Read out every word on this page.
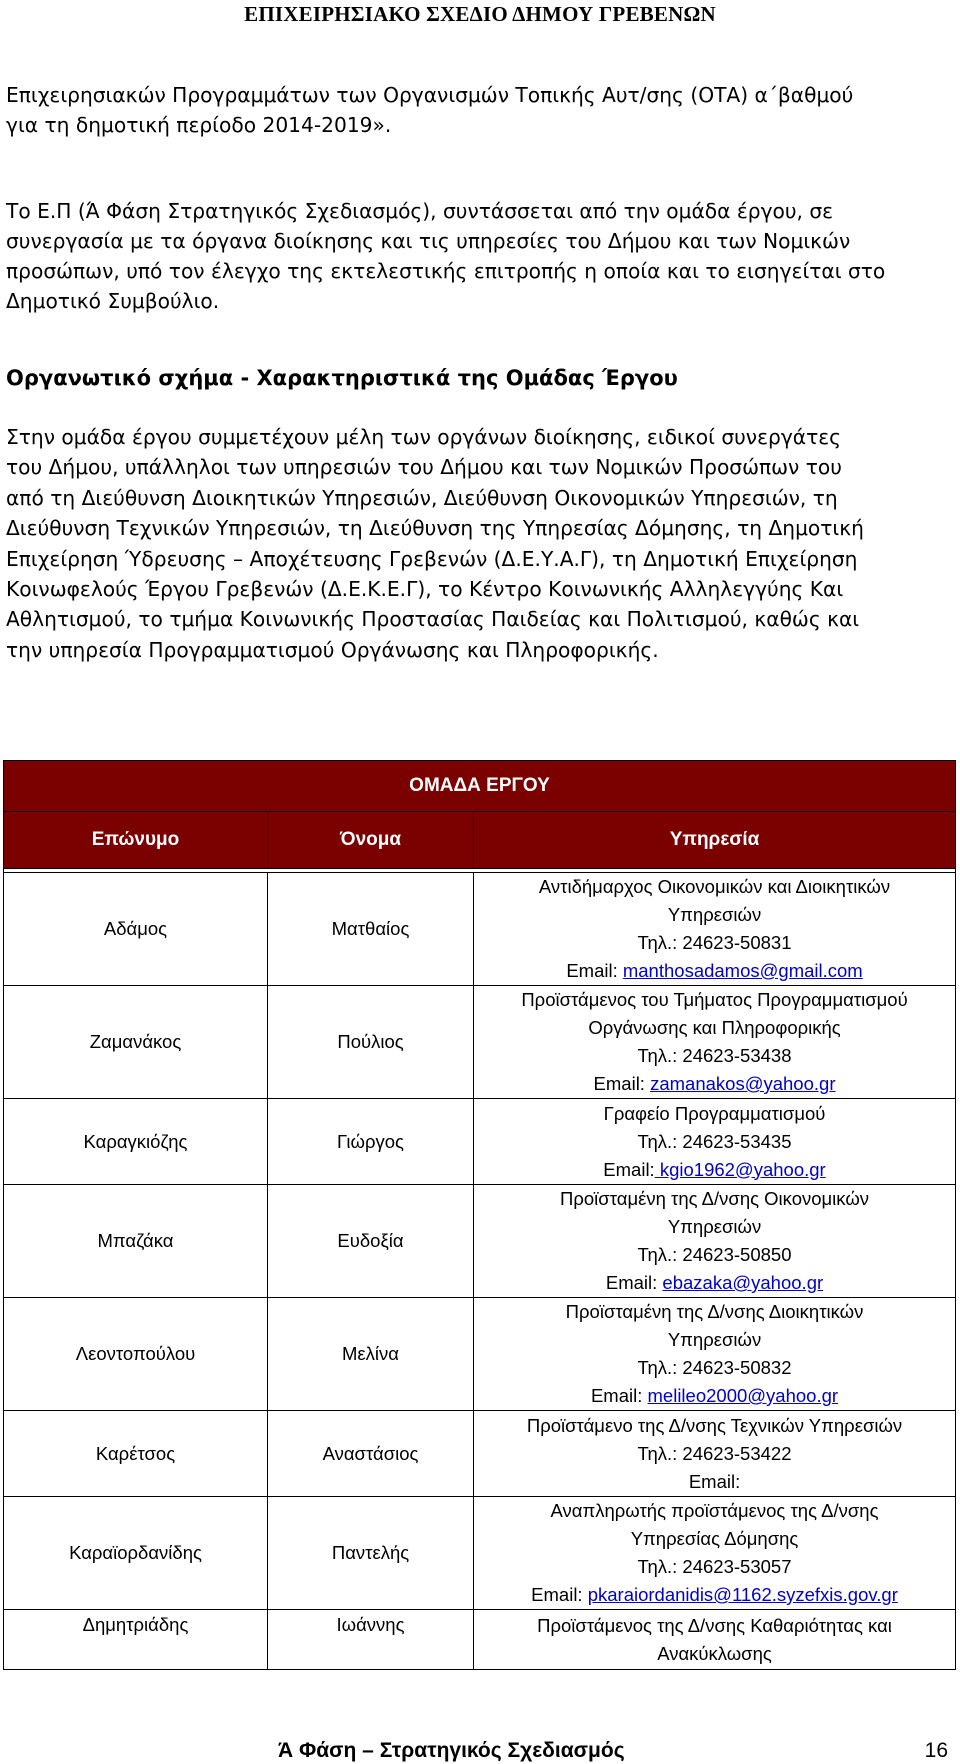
ΕΠΙΧΕΙΡΗΣΙΑΚΟ ΣΧΕΔΙΟ ΔΗΜΟΥ ΓΡΕΒΕΝΩΝ
Επιχειρησιακών Προγραμμάτων των Οργανισμών Τοπικής Αυτ/σης (ΟΤΑ) α΄βαθμού
για τη δημοτική περίοδο 2014-2019».
Το Ε.Π (Ά Φάση Στρατηγικός Σχεδιασμός), συντάσσεται από την ομάδα έργου, σε
συνεργασία με τα όργανα διοίκησης και τις υπηρεσίες του Δήμου και των Νομικών
προσώπων, υπό τον έλεγχο της εκτελεστικής επιτροπής η οποία και το εισηγείται στο
Δημοτικό Συμβούλιο.
Οργανωτικό σχήμα - Χαρακτηριστικά της Ομάδας Έργου
Στην ομάδα έργου συμμετέχουν μέλη των οργάνων διοίκησης, ειδικοί συνεργάτες
του Δήμου, υπάλληλοι των υπηρεσιών του Δήμου και των Νομικών Προσώπων του
από τη Διεύθυνση Διοικητικών Υπηρεσιών, Διεύθυνση Οικονομικών Υπηρεσιών, τη
Διεύθυνση Τεχνικών Υπηρεσιών, τη Διεύθυνση της Υπηρεσίας Δόμησης, τη Δημοτική
Επιχείρηση Ύδρευσης – Αποχέτευσης Γρεβενών (Δ.Ε.Υ.Α.Γ), τη Δημοτική Επιχείρηση
Κοινωφελούς Έργου Γρεβενών (Δ.Ε.Κ.Ε.Γ), το Κέντρο Κοινωνικής Αλληλεγγύης Και
Αθλητισμού, το τμήμα Κοινωνικής Προστασίας Παιδείας και Πολιτισμού, καθώς και
την υπηρεσία Προγραμματισμού Οργάνωσης και Πληροφορικής.
ΟΜΑΔΑ ΕΡΓΟΥ		
Επώνυμο	Όνομα	Υπηρεσία

Αδάμος	Ματθαίος	Αντιδήμαρχος Οικονομικών και Διοικητικών
Υπηρεσιών
Τηλ.: 24623-50831
Email: manthosadamos@gmail.com

Ζαμανάκος	Πούλιος	Προϊστάμενος του Τμήματος Προγραμματισμού
Οργάνωσης και Πληροφορικής
Τηλ.: 24623-53438
Email: zamanakos@yahoo.gr

Καραγκιόζης	Γιώργος	Γραφείο Προγραμματισμού
Τηλ.: 24623-53435
Email: kgio1962@yahoo.gr

Μπαζάκα	Ευδοξία	Προϊσταμένη της Δ/νσης Οικονομικών
Υπηρεσιών
Τηλ.: 24623-50850
Email: ebazaka@yahoo.gr

Λεοντοπούλου	Μελίνα	Προϊσταμένη της Δ/νσης Διοικητικών
Υπηρεσιών
Τηλ.: 24623-50832
Email: melileo2000@yahoo.gr

Καρέτσος	Αναστάσιος	Προϊστάμενο της Δ/νσης Τεχνικών Υπηρεσιών
Τηλ.: 24623-53422
Email:

Καραϊορδανίδης	Παντελής	Αναπληρωτής προϊστάμενος της Δ/νσης
Υπηρεσίας Δόμησης
Τηλ.: 24623-53057
Email: pkaraiordanidis@1162.syzefxis.gov.gr

Δημητριάδης	Ιωάννης	Προϊστάμενος της Δ/νσης Καθαριότητας και
Ανακύκλωσης
Ά Φάση – Στρατηγικός Σχεδιασμός	16
